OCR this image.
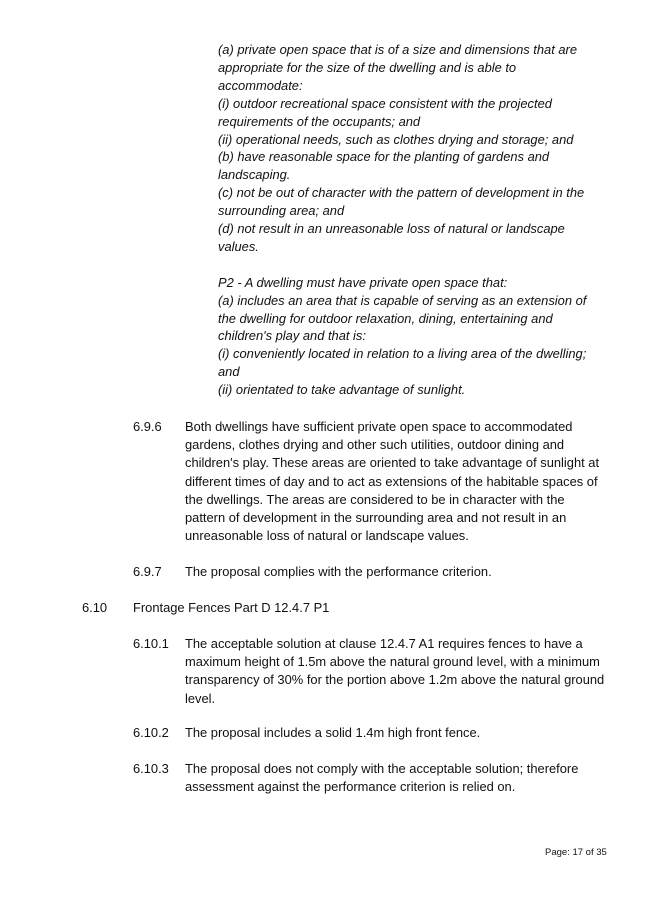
(a) private open space that is of a size and dimensions that are
appropriate for the size of the dwelling and is able to
accommodate:
(i) outdoor recreational space consistent with the projected
requirements of the occupants; and
(ii) operational needs, such as clothes drying and storage; and
(b) have reasonable space for the planting of gardens and
landscaping.
(c) not be out of character with the pattern of development in the
surrounding area; and
(d) not result in an unreasonable loss of natural or landscape
values.
P2 - A dwelling must have private open space that:
(a) includes an area that is capable of serving as an extension of
the dwelling for outdoor relaxation, dining, entertaining and
children's play and that is:
(i) conveniently located in relation to a living area of the dwelling;
and
(ii) orientated to take advantage of sunlight.
6.9.6 Both dwellings have sufficient private open space to accommodated
gardens, clothes drying and other such utilities, outdoor dining and
children's play. These areas are oriented to take advantage of sunlight at
different times of day and to act as extensions of the habitable spaces of
the dwellings. The areas are considered to be in character with the
pattern of development in the surrounding area and not result in an
unreasonable loss of natural or landscape values.
6.9.7 The proposal complies with the performance criterion.
6.10 Frontage Fences Part D 12.4.7 P1
6.10.1 The acceptable solution at clause 12.4.7 A1 requires fences to have a
maximum height of 1.5m above the natural ground level, with a minimum
transparency of 30% for the portion above 1.2m above the natural ground
level.
6.10.2 The proposal includes a solid 1.4m high front fence.
6.10.3 The proposal does not comply with the acceptable solution; therefore
assessment against the performance criterion is relied on.
Page: 17 of 35
